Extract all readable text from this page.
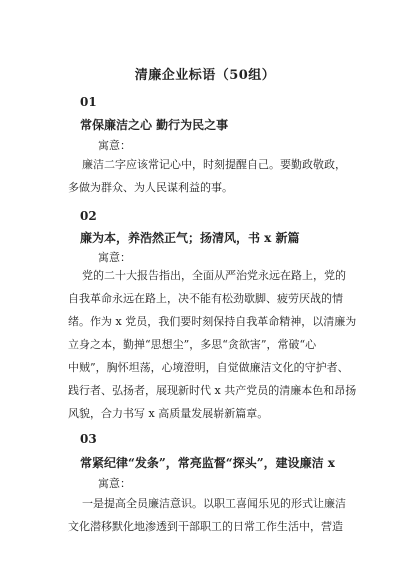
清廉企业标语（50组）
01
常保廉洁之心 勤行为民之事
寓意：
廉洁二字应该常记心中，时刻提醒自己。要勤政敬政，
多做为群众、为人民谋利益的事。
02
廉为本，养浩然正气；扬清风，书 x 新篇
寓意：
党的二十大报告指出，全面从严治党永远在路上，党的
自我革命永远在路上，决不能有松劲歇脚、疲劳厌战的情
绪。作为 x 党员，我们要时刻保持自我革命精神，以清廉为
立身之本，勤掸“思想尘”，多思“贪欲害”，常破“心
中贼”，胸怀坦荡，心境澄明，自觉做廉洁文化的守护者、
践行者、弘扬者，展现新时代 x 共产党员的清廉本色和昂扬
风貌，合力书写 x 高质量发展崭新篇章。
03
常紧纪律“发条”，常亮监督“探头”，建设廉洁 x
寓意：
一是提高全员廉洁意识。以职工喜闻乐见的形式让廉洁
文化潜移默化地渗透到干部职工的日常工作生活中，营造
